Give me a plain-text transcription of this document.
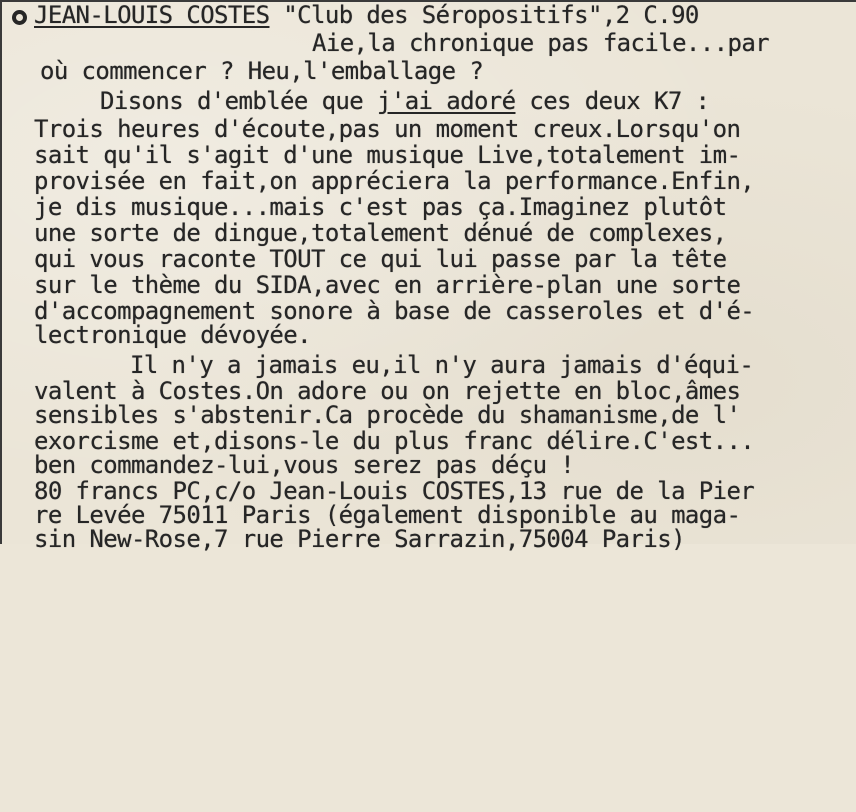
JEAN-LOUIS COSTES "Club des Séropositifs",2 C.90

Aie,la chronique pas facile...par

où commencer ? Heu,l'emballage ?

Disons d'emblée que j'ai adoré ces deux K7 :

Trois heures d'écoute,pas un moment creux.Lorsqu'on

sait qu'il s'agit d'une musique Live,totalement im-

provisée en fait,on appréciera la performance.Enfin,

je dis musique...mais c'est pas ça.Imaginez plutôt

une sorte de dingue,totalement dénué de complexes,

qui vous raconte TOUT ce qui lui passe par la tête

sur le thème du SIDA,avec en arrière-plan une sorte

d'accompagnement sonore à base de casseroles et d'é-

lectronique dévoyée.

Il n'y a jamais eu,il n'y aura jamais d'équi-

valent à Costes.On adore ou on rejette en bloc,âmes

sensibles s'abstenir.Ca procède du shamanisme,de l'

exorcisme et,disons-le du plus franc délire.C'est...

ben commandez-lui,vous serez pas déçu !

80 francs PC,c/o Jean-Louis COSTES,13 rue de la Pier

re Levée 75011 Paris (également disponible au maga-

sin New-Rose,7 rue Pierre Sarrazin,75004 Paris)
